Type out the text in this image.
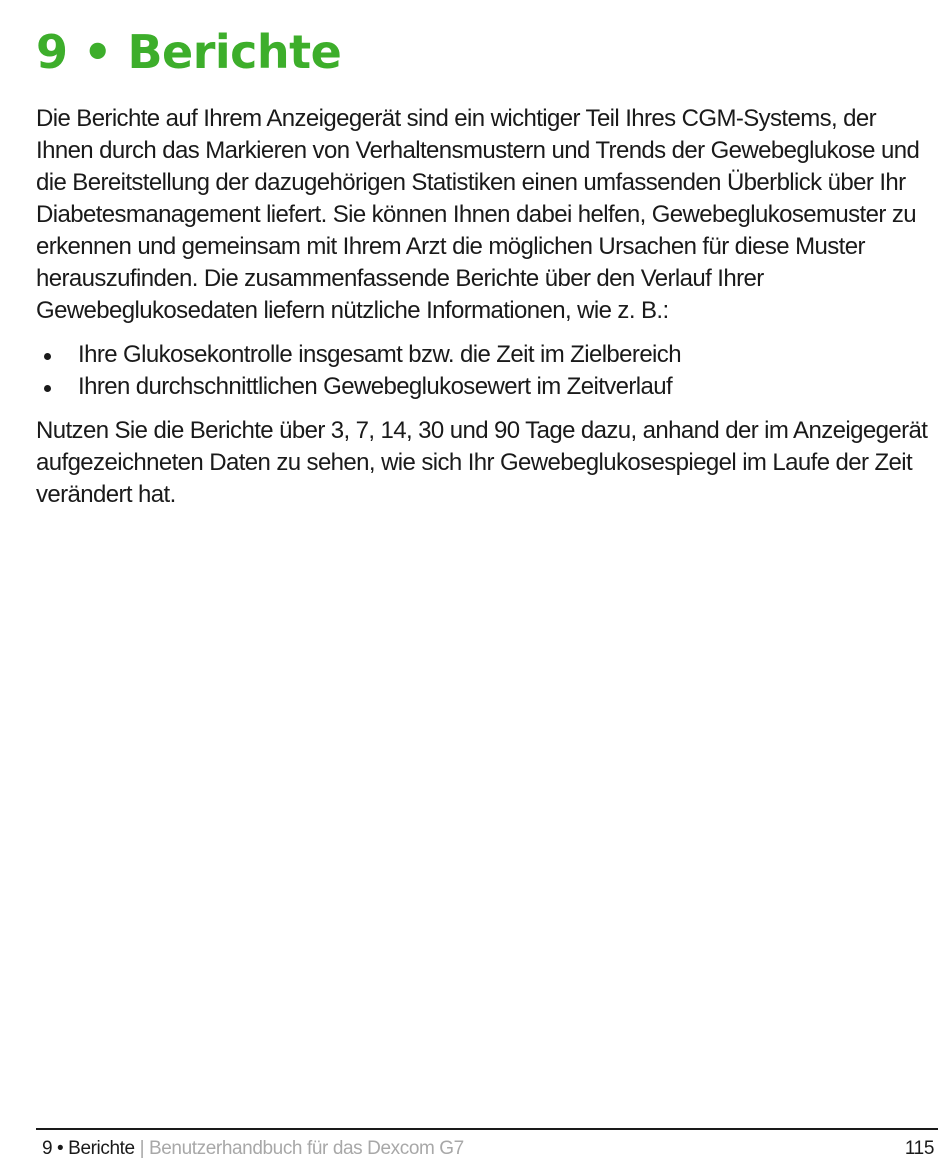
9 • Berichte

Die Berichte auf Ihrem Anzeigegerät sind ein wichtiger Teil Ihres CGM-Systems, der Ihnen durch das Markieren von Verhaltensmustern und Trends der Gewebeglukose und die Bereitstellung der dazugehörigen Statistiken einen umfassenden Überblick über Ihr Diabetesmanagement liefert. Sie können Ihnen dabei helfen, Gewebeglukosemuster zu erkennen und gemeinsam mit Ihrem Arzt die möglichen Ursachen für diese Muster herauszufinden. Die zusammenfassende Berichte über den Verlauf Ihrer Gewebeglukosedaten liefern nützliche Informationen, wie z. B.:

Ihre Glukosekontrolle insgesamt bzw. die Zeit im Zielbereich
Ihren durchschnittlichen Gewebeglukosewert im Zeitverlauf

Nutzen Sie die Berichte über 3, 7, 14, 30 und 90 Tage dazu, anhand der im Anzeigegerät aufgezeichneten Daten zu sehen, wie sich Ihr Gewebeglukosespiegel im Laufe der Zeit verändert hat.

9 • Berichte | Benutzerhandbuch für das Dexcom G7	115
